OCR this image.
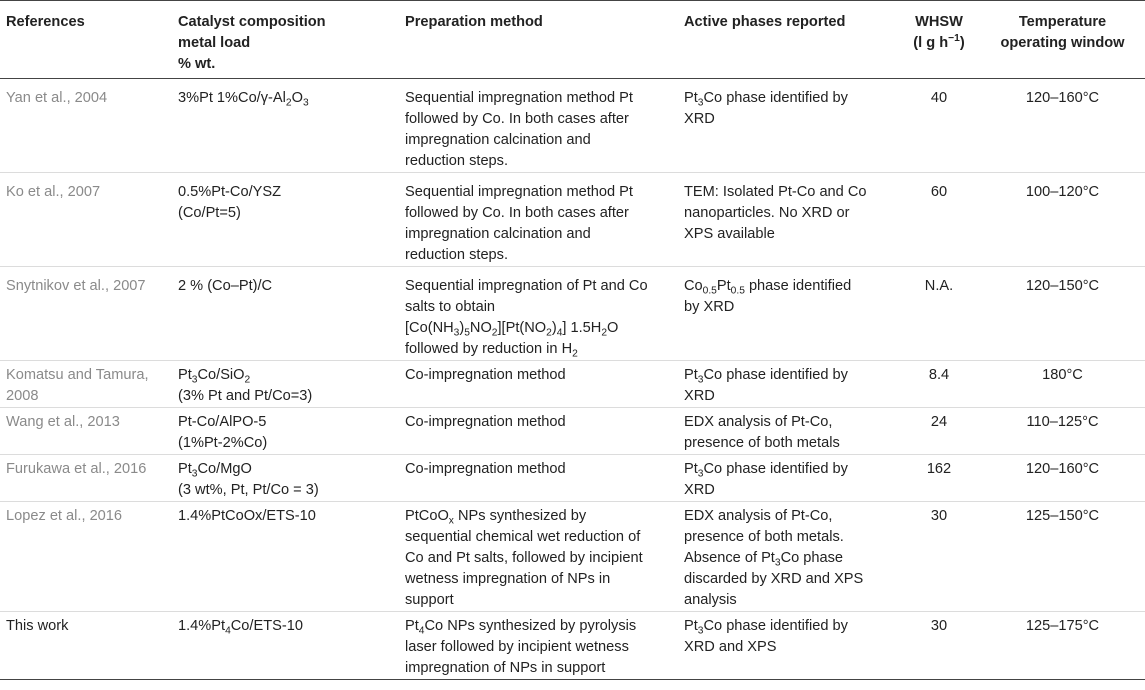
References	Catalyst composition
metal load
% wt.	Preparation method	Active phases reported	WHSW
(l g $h^{-1}$)	Temperature
operating window

Yan et al., 2004	3%Pt $1\%Co/\gamma-Al_2O_3$	Sequential impregnation method Pt
followed by Co. In both cases after
impregnation calcination and
reduction steps.	$Pt_3Co$ phase identified by
XRD	40	120–160°C

Ko et al., 2007	0.5%Pt-Co/YSZ
(Co/Pt=5)	Sequential impregnation method Pt
followed by Co. In both cases after
impregnation calcination and
reduction steps.	TEM: Isolated Pt-Co and Co
nanoparticles. No XRD or
XPS available	60	100–120°C

Snytnikov et al., 2007	2 % (Co–Pt)/C	Sequential impregnation of Pt and Co
salts to obtain
$[Co(NH_3)_5NO_2][Pt(NO_2)_4]$ $1.5H_2O$
followed by reduction in $H_2$	$Co_{0.5}Pt_{0.5}$ phase identified
by XRD	N.A.	120–150°C

Komatsu and Tamura,
2008	$Pt_3Co/SiO_2$
(3% Pt and Pt/Co=3)	Co-impregnation method	$Pt_3Co$ phase identified by
XRD	8.4	180°C

Wang et al., 2013	Pt-Co/AlPO-5
(1%Pt-2%Co)	Co-impregnation method	EDX analysis of Pt-Co,
presence of both metals	24	110–125°C

Furukawa et al., 2016	$Pt_3Co$/MgO
(3 wt%, Pt, Pt/Co = 3)	Co-impregnation method	$Pt_3Co$ phase identified by
XRD	162	120–160°C

Lopez et al., 2016	1.4%PtCoOx/ETS-10	PtCoO$_x$ NPs synthesized by
sequential chemical wet reduction of
Co and Pt salts, followed by incipient
wetness impregnation of NPs in
support	EDX analysis of Pt-Co,
presence of both metals.
Absence of $Pt_3Co$ phase
discarded by XRD and XPS
analysis	30	125–150°C

This work	$1.4\%Pt_4Co/ETS-10$	$Pt_4Co$ NPs synthesized by pyrolysis
laser followed by incipient wetness
impregnation of NPs in support	$Pt_3Co$ phase identified by
XRD and XPS	30	125–175°C
